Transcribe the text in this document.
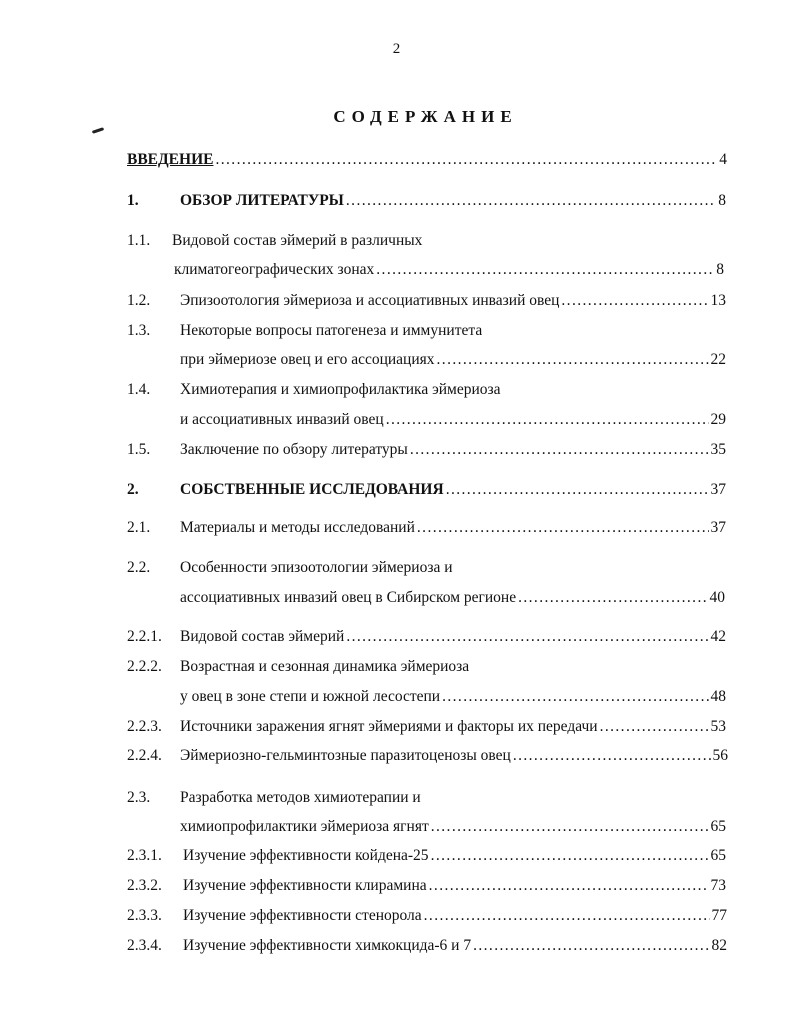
2
СОДЕРЖАНИЕ
ВВЕДЕНИЕ .....	4
1.	ОБЗОР ЛИТЕРАТУРЫ .....	8
1.1. Видовой состав эймерий в различных
климатогеографических зонах .....	8
1.2. Эпизоотология эймериоза и ассоциативных инвазий овец .....	13
1.3. Некоторые вопросы патогенеза и иммунитета
при эймериозе овец и его ассоциациях .....	22
1.4. Химиотерапия и химиопрофилактика эймериоза
и ассоциативных инвазий овец .....	29
1.5. Заключение по обзору литературы .....	35
2.	СОБСТВЕННЫЕ ИССЛЕДОВАНИЯ .....	37
2.1. Материалы и методы исследований .....	37
2.2. Особенности эпизоотологии эймериоза и
ассоциативных инвазий овец в Сибирском регионе .....	40
2.2.1. Видовой состав эймерий .....	42
2.2.2. Возрастная и сезонная динамика эймериоза
у овец в зоне степи и южной лесостепи .....	48
2.2.3. Источники заражения ягнят эймериями и факторы их передачи .....	53
2.2.4. Эймериозно-гельминтозные паразитоценозы овец .....	56
2.3. Разработка методов химиотерапии и
химиопрофилактики эймериоза ягнят .....	65
2.3.1. Изучение эффективности койдена-25 .....	65
2.3.2. Изучение эффективности клирамина .....	73
2.3.3. Изучение эффективности стенорола .....	77
2.3.4. Изучение эффективности химкокцида-6 и 7 .....	82
